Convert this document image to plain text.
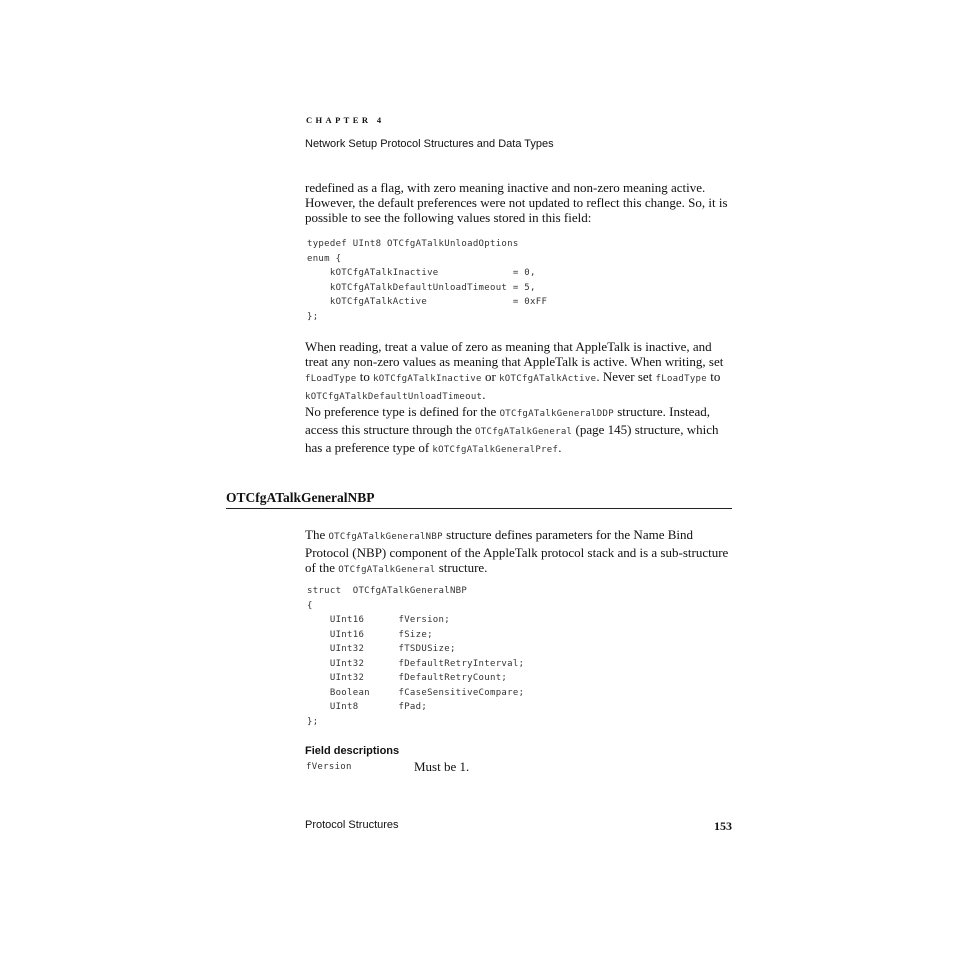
CHAPTER 4
Network Setup Protocol Structures and Data Types
redefined as a flag, with zero meaning inactive and non-zero meaning active. However, the default preferences were not updated to reflect this change. So, it is possible to see the following values stored in this field:
typedef UInt8 OTCfgATalkUnloadOptions
enum {
kOTCfgATalkInactive             = 0,
kOTCfgATalkDefaultUnloadTimeout = 5,
kOTCfgATalkActive               = 0xFF
};
When reading, treat a value of zero as meaning that AppleTalk is inactive, and treat any non-zero values as meaning that AppleTalk is active. When writing, set fLoadType to kOTCfgATalkInactive or kOTCfgATalkActive. Never set fLoadType to kOTCfgATalkDefaultUnloadTimeout.
No preference type is defined for the OTCfgATalkGeneralDDP structure. Instead, access this structure through the OTCfgATalkGeneral (page 145) structure, which has a preference type of kOTCfgATalkGeneralPref.
OTCfgATalkGeneralNBP
The OTCfgATalkGeneralNBP structure defines parameters for the Name Bind Protocol (NBP) component of the AppleTalk protocol stack and is a sub-structure of the OTCfgATalkGeneral structure.
struct  OTCfgATalkGeneralNBP
{
UInt16      fVersion;
UInt16      fSize;
UInt32      fTSDUSize;
UInt32      fDefaultRetryInterval;
UInt32      fDefaultRetryCount;
Boolean     fCaseSensitiveCompare;
UInt8       fPad;
};
Field descriptions
fVersion	Must be 1.
Protocol Structures	153
